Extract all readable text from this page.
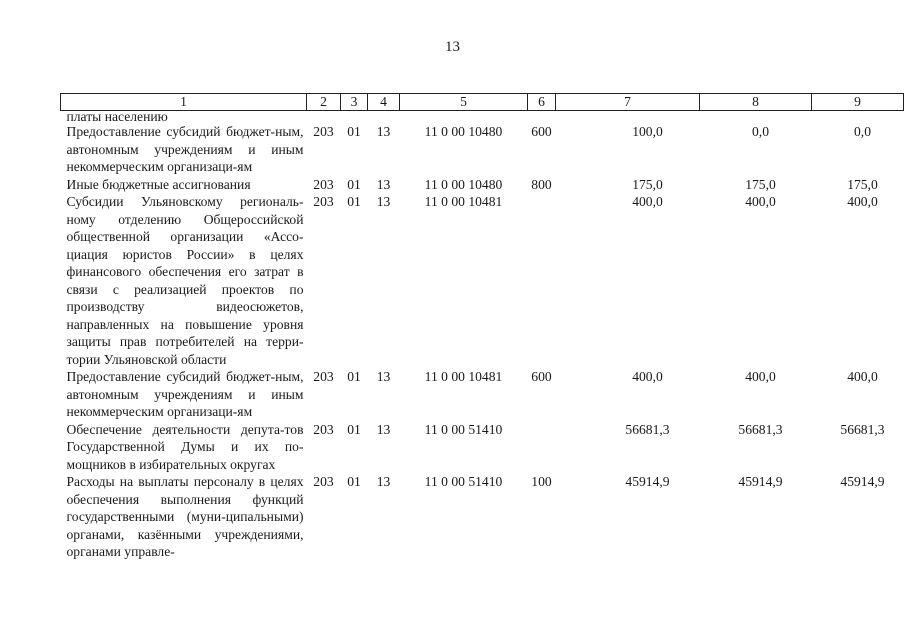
13
1	2	3	4	5	6	7	8	9
платы населению								
Предоставление субсидий бюджет-ным, автономным учреждениям и иным некоммерческим организаци-ям	203	01	13	11 0 00 10480	600	100,0	0,0	0,0
Иные бюджетные ассигнования	203	01	13	11 0 00 10480	800	175,0	175,0	175,0
Субсидии Ульяновскому региональ-ному отделению Общероссийской общественной организации «Ассо-циация юристов России» в целях финансового обеспечения его затрат в связи с реализацией проектов по производству видеосюжетов, направленных на повышение уровня защиты прав потребителей на терри-тории Ульяновской области	203	01	13	11 0 00 10481		400,0	400,0	400,0
Предоставление субсидий бюджет-ным, автономным учреждениям и иным некоммерческим организаци-ям	203	01	13	11 0 00 10481	600	400,0	400,0	400,0
Обеспечение деятельности депута-тов Государственной Думы и их по-мощников в избирательных округах	203	01	13	11 0 00 51410		56681,3	56681,3	56681,3
Расходы на выплаты персоналу в целях обеспечения выполнения функций государственными (муни-ципальными) органами, казёнными учреждениями, органами управле-	203	01	13	11 0 00 51410	100	45914,9	45914,9	45914,9
